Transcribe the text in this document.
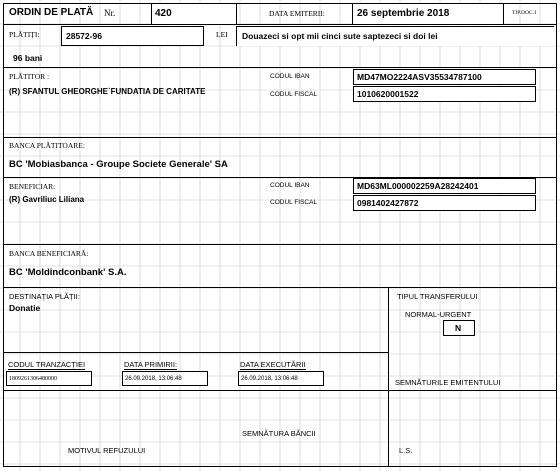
ORDIN DE PLATĂ Nr.	420	DATA EMITERII:	26 septembrie 2018	TIP.DOC.1
PLĂTIȚI:	28572-96	LEI Douazeci si opt mii cinci sute saptezeci si doi lei
96 bani
PLĂTITOR :
(R) SFANTUL GHEORGHE`FUNDATIA DE CARITATE
CODUL IBAN	MD47MO2224ASV35534787100
CODUL FISCAL	1010620001522
BANCA PLĂTITOARE:
BC 'Mobiasbanca - Groupe Societe Generale' SA
BENEFICIAR:
(R) Gavriliuc Liliana
CODUL IBAN	MD63ML000002259A28242401
CODUL FISCAL	0981402427872
BANCA BENEFICIARĂ:
BC 'Moldindconbank' S.A.
DESTINAȚIA PLĂȚII:
Donatie
TIPUL TRANSFERULUI
NORMAL-URGENT
N
CODUL TRANZACȚIEI
1809261306480000
DATA PRIMIRII:
26.09.2018, 13:06:48
DATA EXECUTĂRII
26.09.2018, 13:06:48	SEMNĂTURILE EMITENTULUI
SEMNĂTURA BĂNCII
MOTIVUL REFUZULUI	L.S.
